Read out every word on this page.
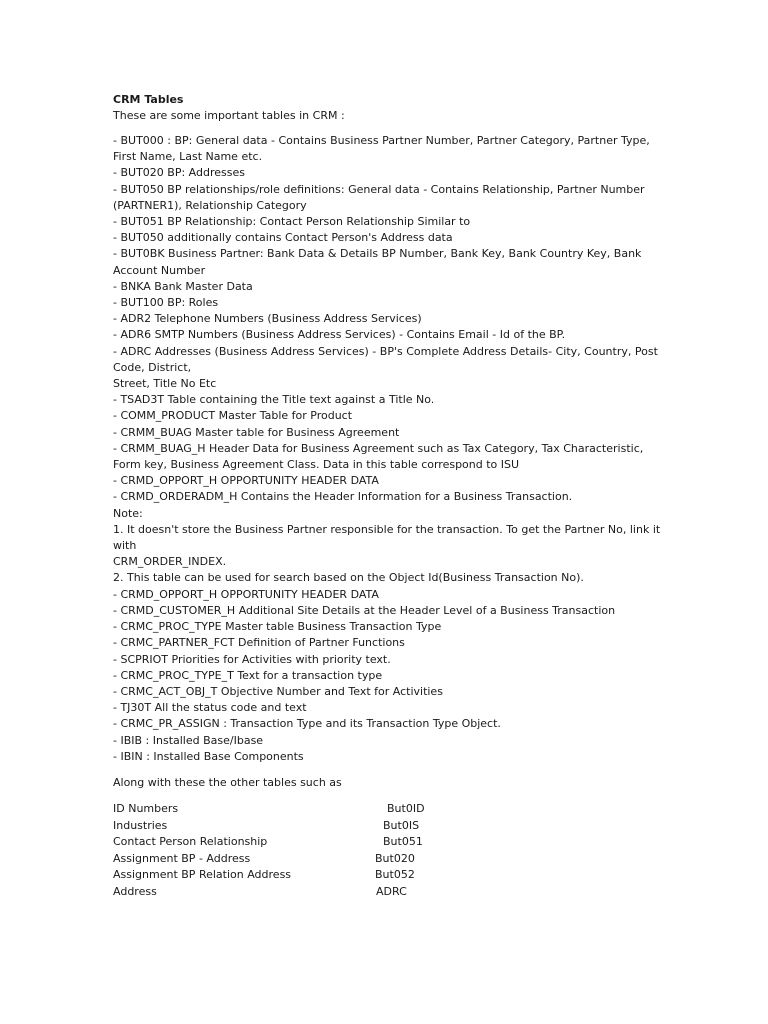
CRM Tables
These are some important tables in CRM :
- BUT000 : BP: General data - Contains Business Partner Number, Partner Category, Partner Type,
First Name, Last Name etc.
- BUT020 BP: Addresses
- BUT050 BP relationships/role definitions: General data - Contains Relationship, Partner Number
(PARTNER1), Relationship Category
- BUT051 BP Relationship: Contact Person Relationship Similar to
- BUT050 additionally contains Contact Person's Address data
- BUT0BK Business Partner: Bank Data & Details BP Number, Bank Key, Bank Country Key, Bank
Account Number
- BNKA Bank Master Data
- BUT100 BP: Roles
- ADR2 Telephone Numbers (Business Address Services)
- ADR6 SMTP Numbers (Business Address Services) - Contains Email - Id of the BP.
- ADRC Addresses (Business Address Services) - BP's Complete Address Details- City, Country, Post
Code, District,
Street, Title No Etc
- TSAD3T Table containing the Title text against a Title No.
- COMM_PRODUCT Master Table for Product
- CRMM_BUAG Master table for Business Agreement
- CRMM_BUAG_H Header Data for Business Agreement such as Tax Category, Tax Characteristic,
Form key, Business Agreement Class. Data in this table correspond to ISU
- CRMD_OPPORT_H OPPORTUNITY HEADER DATA
- CRMD_ORDERADM_H Contains the Header Information for a Business Transaction.
Note:
1. It doesn't store the Business Partner responsible for the transaction. To get the Partner No, link it
with
CRM_ORDER_INDEX.
2. This table can be used for search based on the Object Id(Business Transaction No).
- CRMD_OPPORT_H OPPORTUNITY HEADER DATA
- CRMD_CUSTOMER_H Additional Site Details at the Header Level of a Business Transaction
- CRMC_PROC_TYPE Master table Business Transaction Type
- CRMC_PARTNER_FCT Definition of Partner Functions
- SCPRIOT Priorities for Activities with priority text.
- CRMC_PROC_TYPE_T Text for a transaction type
- CRMC_ACT_OBJ_T Objective Number and Text for Activities
- TJ30T All the status code and text
- CRMC_PR_ASSIGN : Transaction Type and its Transaction Type Object.
- IBIB : Installed Base/Ibase
- IBIN : Installed Base Components
Along with these the other tables such as
ID Numbers	But0ID
Industries	But0IS
Contact Person Relationship	But051
Assignment BP - Address	But020
Assignment BP Relation Address	But052
Address	ADRC
